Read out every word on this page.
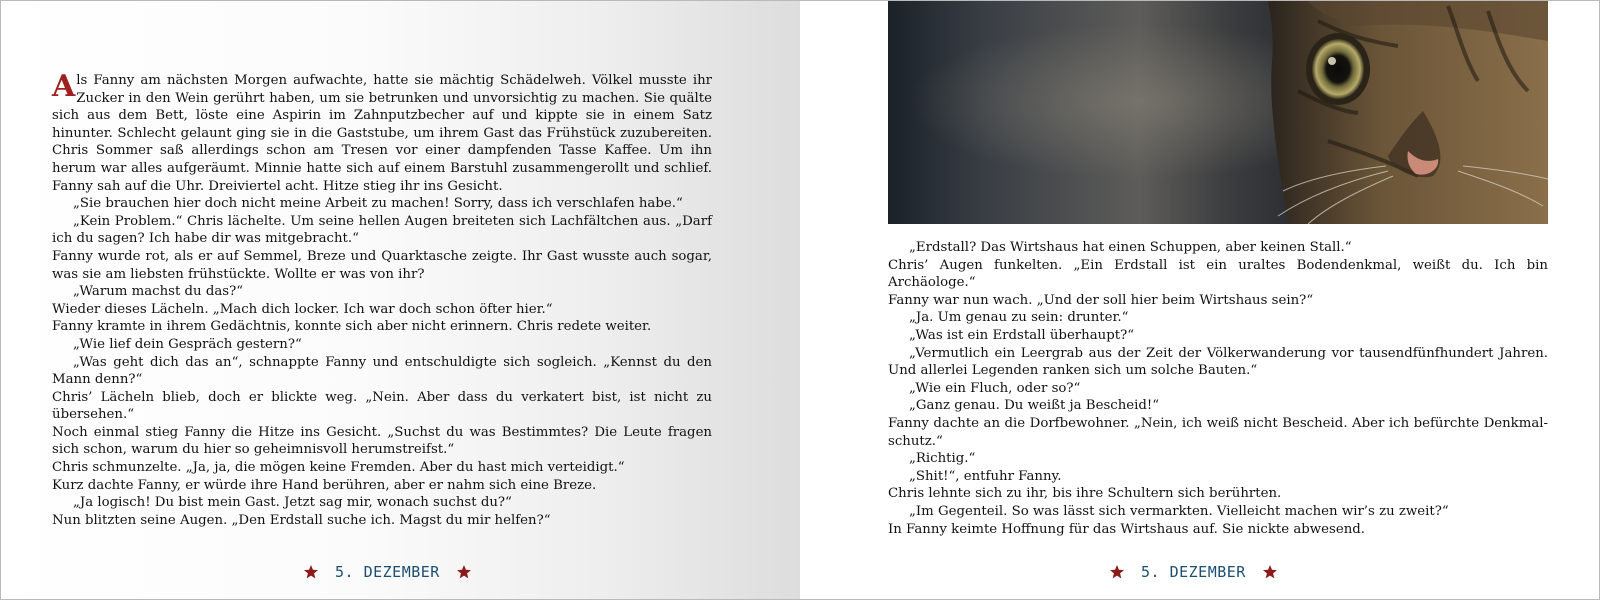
Als Fanny am nächsten Morgen aufwachte, hatte sie mächtig Schädelweh. Völkel musste ihr Zucker in den Wein gerührt haben, um sie betrunken und unvorsichtig zu machen. Sie quälte sich aus dem Bett, löste eine Aspirin im Zahnputzbecher auf und kippte sie in einem Satz hinunter. Schlecht gelaunt ging sie in die Gaststube, um ihrem Gast das Frühstück zuzubereiten. Chris Sommer saß allerdings schon am Tresen vor einer dampfenden Tasse Kaffee. Um ihn herum war alles aufgeräumt. Minnie hatte sich auf einem Barstuhl zusammengerollt und schlief. Fanny sah auf die Uhr. Dreiviertel acht. Hitze stieg ihr ins Gesicht.

„Sie brauchen hier doch nicht meine Arbeit zu machen! Sorry, dass ich verschlafen habe.“

„Kein Problem.“ Chris lächelte. Um seine hellen Augen breiteten sich Lachfältchen aus. „Darf ich du sagen? Ich habe dir was mitgebracht.“

Fanny wurde rot, als er auf Semmel, Breze und Quarktasche zeigte. Ihr Gast wusste auch sogar, was sie am liebsten frühstückte. Wollte er was von ihr?

„Warum machst du das?“

Wieder dieses Lächeln. „Mach dich locker. Ich war doch schon öfter hier.“

Fanny kramte in ihrem Gedächtnis, konnte sich aber nicht erinnern. Chris redete weiter.

„Wie lief dein Gespräch gestern?“

„Was geht dich das an“, schnappte Fanny und entschuldigte sich sogleich. „Kennst du den Mann denn?“

Chris’ Lächeln blieb, doch er blickte weg. „Nein. Aber dass du verkatert bist, ist nicht zu übersehen.“

Noch einmal stieg Fanny die Hitze ins Gesicht. „Suchst du was Bestimmtes? Die Leute fragen sich schon, warum du hier so geheimnisvoll herumstreifst.“

Chris schmunzelte. „Ja, ja, die mögen keine Fremden. Aber du hast mich verteidigt.“

Kurz dachte Fanny, er würde ihre Hand berühren, aber er nahm sich eine Breze.

„Ja logisch! Du bist mein Gast. Jetzt sag mir, wonach suchst du?“

Nun blitzten seine Augen. „Den Erdstall suche ich. Magst du mir helfen?“

5. DEZEMBER

„Erdstall? Das Wirtshaus hat einen Schuppen, aber keinen Stall.“

Chris’ Augen funkelten. „Ein Erdstall ist ein uraltes Bodendenkmal, weißt du. Ich bin Archäologe.“

Fanny war nun wach. „Und der soll hier beim Wirtshaus sein?“

„Ja. Um genau zu sein: drunter.“

„Was ist ein Erdstall überhaupt?“

„Vermutlich ein Leergrab aus der Zeit der Völkerwanderung vor tausendfünfhundert Jahren. Und allerlei Legenden ranken sich um solche Bauten.“

„Wie ein Fluch, oder so?“

„Ganz genau. Du weißt ja Bescheid!“

Fanny dachte an die Dorfbewohner. „Nein, ich weiß nicht Bescheid. Aber ich befürchte Denkmal-schutz.“

„Richtig.“

„Shit!“, entfuhr Fanny.

Chris lehnte sich zu ihr, bis ihre Schultern sich berührten.

„Im Gegenteil. So was lässt sich vermarkten. Vielleicht machen wir’s zu zweit?“

In Fanny keimte Hoffnung für das Wirtshaus auf. Sie nickte abwesend.

5. DEZEMBER
